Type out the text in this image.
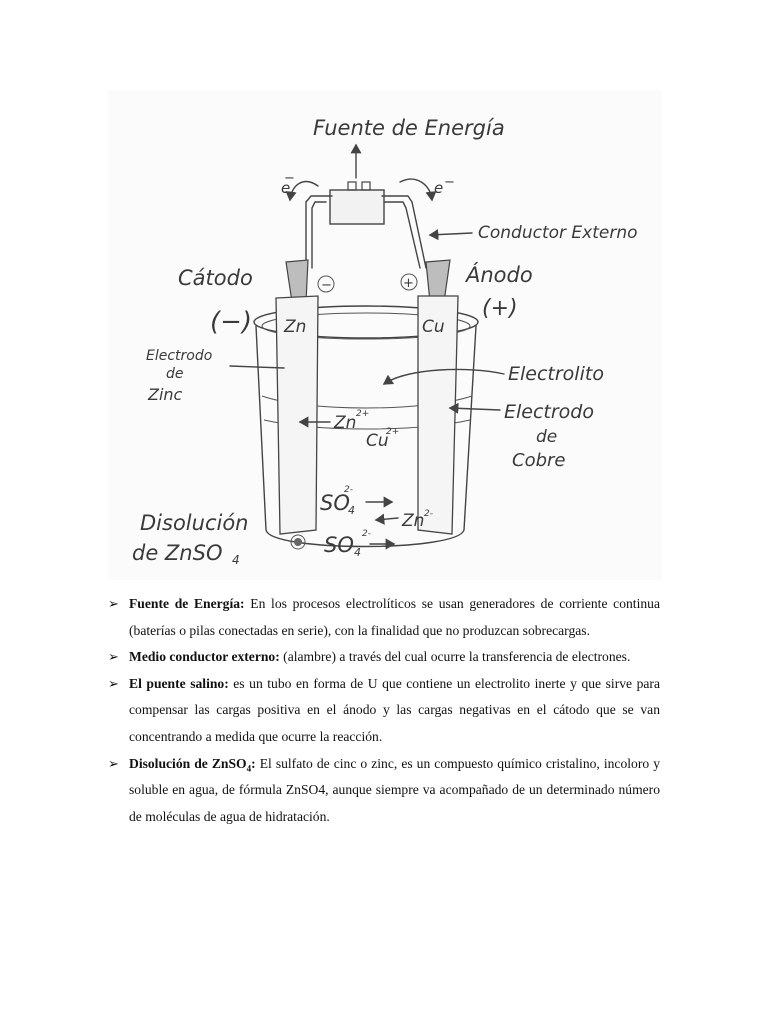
Fuente de Energía
e
−
e −
Conductor Externo
−	+
Cátodo
(−)
Ánodo
(+)
Zn	Cu
Electrodo
de
Zinc
Electrolito
Electrodo
de
Cobre
Zn 2+
Cu
2+
SO
4
2-
Zn 2-
SO 4
2-
Disolución
de ZnSO 4
➢ Fuente de Energía: En los procesos electrolíticos se usan generadores de corriente continua (baterías o pilas conectadas en serie), con la finalidad que no produzcan sobrecargas.
➢ Medio conductor externo: (alambre) a través del cual ocurre la transferencia de electrones.
➢ El puente salino: es un tubo en forma de U que contiene un electrolito inerte y que sirve para compensar las cargas positiva en el ánodo y las cargas negativas en el cátodo que se van concentrando a medida que ocurre la reacción.
➢ Disolución de ZnSO$_4$: El sulfato de cinc o zinc, es un compuesto químico cristalino, incoloro y soluble en agua, de fórmula ZnSO4, aunque siempre va acompañado de un determinado número de moléculas de agua de hidratación.
